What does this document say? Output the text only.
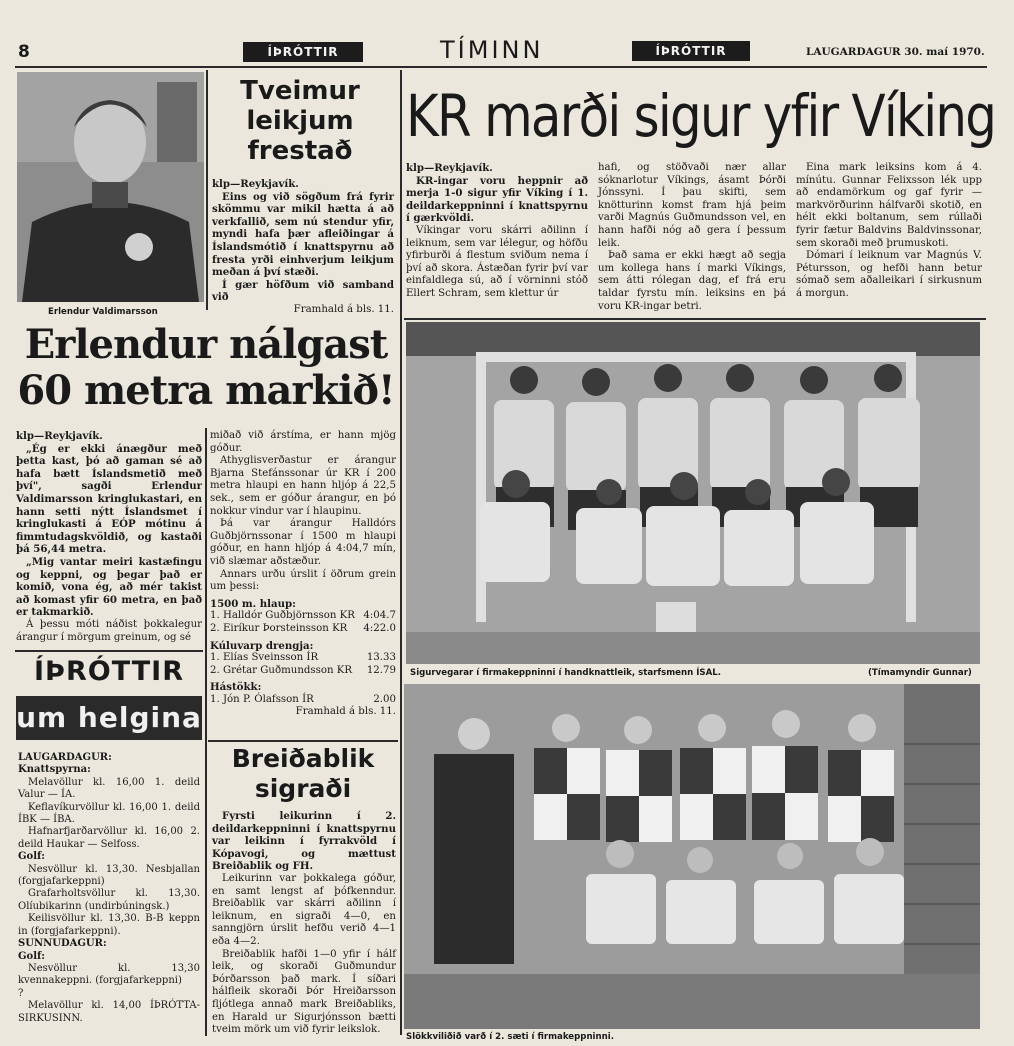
8	ÍÞRÓTTIR	TÍMINN	ÍÞRÓTTIR	LAUGARDAGUR 30. maí 1970.
Erlendur Valdimarsson
Tveimur
leikjum
frestað

klp—Reykjavík.

Eins og við sögðum frá fyrir skömmu var mikil hætta á að verkfallið, sem nú stendur yfir, myndi hafa þær afleiðingar á Íslandsmótið í knattspyrnu að fresta yrði einhverjum leikjum meðan á því stæði.

Í gær höfðum við samband við

Framhald á bls. 11.

KR marði sigur yfir Víking

klp—Reykjavík.

KR-ingar voru heppnir að merja 1-0 sigur yfir Víking í 1. deildarkeppninni í knattspyrnu í gærkvöldi.

Víkingar voru skárri aðilinn í leiknum, sem var lélegur, og höfðu yfirburði á flestum sviðum nema í því að skora. Ástæðan fyrir því var einfaldlega sú, að í vörninni stóð Ellert Schram, sem klettur úr

hafi, og stöðvaði nær allar sóknarlotur Víkings, ásamt Þórði Jónssyni. Í þau skifti, sem knötturinn komst fram hjá þeim varði Magnús Guðmundsson vel, en hann hafði nóg að gera í þessum leik.

Það sama er ekki hægt að segja um kollega hans í marki Víkings, sem átti rólegan dag, ef frá eru taldar fyrstu mín. leiksins en þá voru KR-ingar betri.

Eina mark leiksins kom á 4. mínútu. Gunnar Felixsson lék upp að endamörkum og gaf fyrir — markvörðurinn hálfvarði skotið, en hélt ekki boltanum, sem rúllaði fyrir fætur Baldvins Baldvinssonar, sem skoraði með þrumuskoti.

Dómari í leiknum var Magnús V. Pétursson, og hefði hann betur sómað sem aðalleikari í sirkusnum á morgun.

Erlendur nálgast
60 metra markið!

klp—Reykjavík.

„Ég er ekki ánægður með þetta kast, þó að gaman sé að hafa bætt Íslandsmetið með því", sagði Erlendur Valdimarsson kringlukastari, en hann setti nýtt Íslandsmet í kringlukasti á EÓP mótinu á fimmtudagskvöldið, og kastaði þá 56,44 metra.

„Mig vantar meiri kastæfingu og keppni, og þegar það er komið, vona ég, að mér takist að komast yfir 60 metra, en það er takmarkið.

Á þessu móti náðist þokkalegur árangur í mörgum greinum, og sé

miðað við árstíma, er hann mjög góður.

Athyglisverðastur er árangur Bjarna Stefánssonar úr KR í 200 metra hlaupi en hann hljóp á 22,5 sek., sem er góður árangur, en þó nokkur vindur var í hlaupinu.

Þá var árangur Halldórs Guðbjörnssonar í 1500 m hlaupi góður, en hann hljóp á 4:04,7 mín, við slæmar aðstæður.

Annars urðu úrslit í öðrum grein um þessi:

1500 m. hlaup:

1. Halldór Guðbjörnsson KR 4:04.7
2. Eiríkur Þorsteinsson KR 4:22.0

Kúluvarp drengja:

1. Elías Sveinsson ÍR	13.33
2. Grétar Guðmundsson KR 12.79

Hástökk:

1. Jón P. Ólafsson ÍR	2.00

Framhald á bls. 11.

ÍÞRÓTTIR
um helgina

LAUGARDAGUR:

Knattspyrna:

Melavöllur kl. 16,00 1. deild Valur — ÍA.

Keflavíkurvöllur kl. 16,00 1. deild ÍBK — ÍBA.

Hafnarfjarðarvöllur kl. 16,00 2. deild Haukar — Selfoss.

Golf:

Nesvöllur kl. 13,30. Nesbjallan (forgjafarkeppni)

Grafarholtsvöllur kl. 13,30. Olíubikarinn (undirbúningsk.)

Keilisvöllur kl. 13,30. B-B keppn in (forgjafarkeppni).

SUNNUDAGUR:

Golf:

Nesvöllur kl. 13,30 kvennakeppni. (forgjafarkeppni)

?

Melavöllur kl. 14,00 ÍÞRÓTTA-SIRKUSINN.

Breiðablik
sigraði

Fyrsti leikurinn í 2. deildarkeppninni í knattspyrnu var leikinn í fyrrakvöld í Kópavogi, og mættust Breiðablik og FH.

Leikurinn var þokkalega góður, en samt lengst af þófkenndur. Breiðablik var skárri aðilinn í leiknum, en sigraði 4—0, en sanngjörn úrslit hefðu verið 4—1 eða 4—2.

Breiðablik hafði 1—0 yfir í hálf leik, og skoraði Guðmundur Þórðarsson það mark. Í síðari hálfleik skoraði Þór Hreiðarsson fljótlega annað mark Breiðabliks, en Harald ur Sigurjónsson bætti tveim mörk um við fyrir leikslok.

Sigurvegarar í firmakeppninni í handknattleik, starfsmenn ÍSAL.	(Tímamyndir Gunnar)
Slökkviliðið varð í 2. sæti í firmakeppninni.
